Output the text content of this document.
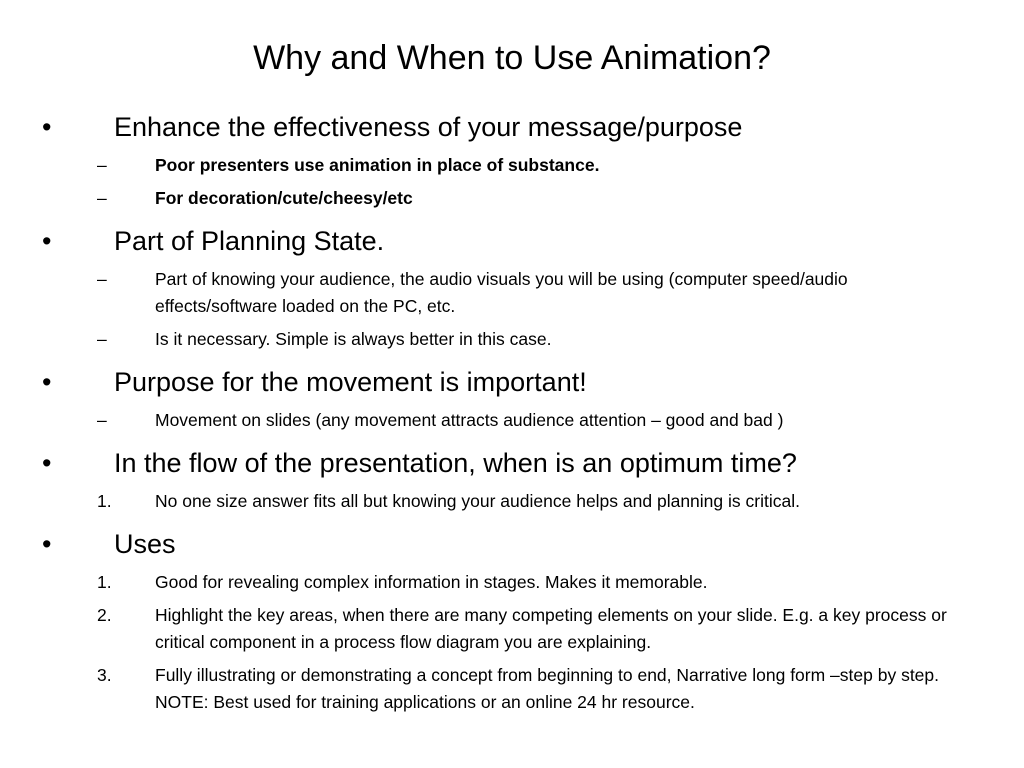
Why and When to Use Animation?
•	Enhance the effectiveness of your message/purpose
–	Poor presenters use animation in place of substance.
–	For decoration/cute/cheesy/etc
•	Part of Planning State.
–	Part of knowing your audience, the audio visuals you will be using (computer speed/audio effects/software loaded on the PC, etc.
–	Is it necessary. Simple is always better in this case.
•	Purpose for the movement is important!
–	Movement on slides (any movement attracts audience attention – good and bad )
•	In the flow of the presentation, when is an optimum time?
1.	No one size answer fits all but knowing your audience helps and planning is critical.
•	Uses
1.	Good for revealing complex information in stages. Makes it memorable.
2.	Highlight the key areas, when there are many competing elements on your slide. E.g. a key process or critical component in a process flow diagram you are explaining.
3.	Fully illustrating or demonstrating a concept from beginning to end, Narrative long form –step by step. NOTE: Best used for training applications or an online 24 hr resource.
